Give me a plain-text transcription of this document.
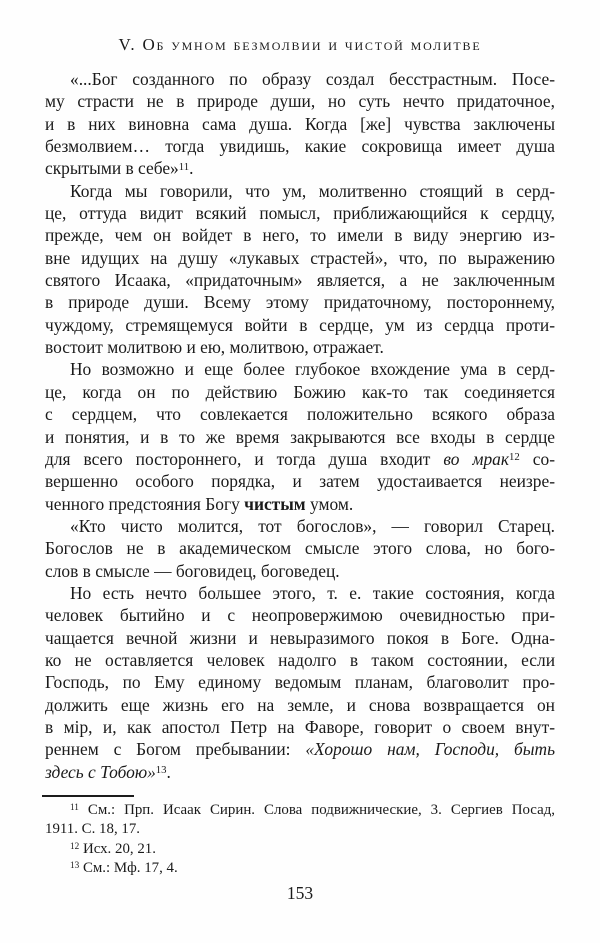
V. Об умном безмолвии и чистой молитве
«...Бог созданного по образу создал бесстрастным. Посе-
му страсти не в природе души, но суть нечто придаточное,
и в них виновна сама душа. Когда [же] чувства заключены
безмолвием… тогда увидишь, какие сокровища имеет душа
скрытыми в себе»$^{11}$.
Когда мы говорили, что ум, молитвенно стоящий в серд-
це, оттуда видит всякий помысл, приближающийся к сердцу,
прежде, чем он войдет в него, то имели в виду энергию из-
вне идущих на душу «лукавых страстей», что, по выражению
святого Исаака, «придаточным» является, а не заключенным
в природе души. Всему этому придаточному, постороннему,
чуждому, стремящемуся войти в сердце, ум из сердца проти-
востоит молитвою и ею, молитвою, отражает.
Но возможно и еще более глубокое вхождение ума в серд-
це, когда он по действию Божию как-то так соединяется
с сердцем, что совлекается положительно всякого образа
и понятия, и в то же время закрываются все входы в сердце
для всего постороннего, и тогда душа входит во мрак$^{12}$ со-
вершенно особого порядка, и затем удостаивается неизре-
ченного предстояния Богу чистым умом.
«Кто чисто молится, тот богослов», — говорил Старец.
Богослов не в академическом смысле этого слова, но бого-
слов в смысле — боговидец, боговедец.
Но есть нечто большее этого, т. е. такие состояния, когда
человек бытийно и с неопровержимою очевидностью при-
чащается вечной жизни и невыразимого покоя в Боге. Одна-
ко не оставляется человек надолго в таком состоянии, если
Господь, по Ему единому ведомым планам, благоволит про-
должить еще жизнь его на земле, и снова возвращается он
в мір, и, как апостол Петр на Фаворе, говорит о своем внут-
реннем с Богом пребывании: «Хорошо нам, Господи, быть
здесь с Тобою»$^{13}$.
$^{11}$ См.: Прп. Исаак Сирин. Слова подвижнические, 3. Сергиев Посад,
1911. С. 18, 17.
$^{12}$ Исх. 20, 21.
$^{13}$ См.: Мф. 17, 4.
153
